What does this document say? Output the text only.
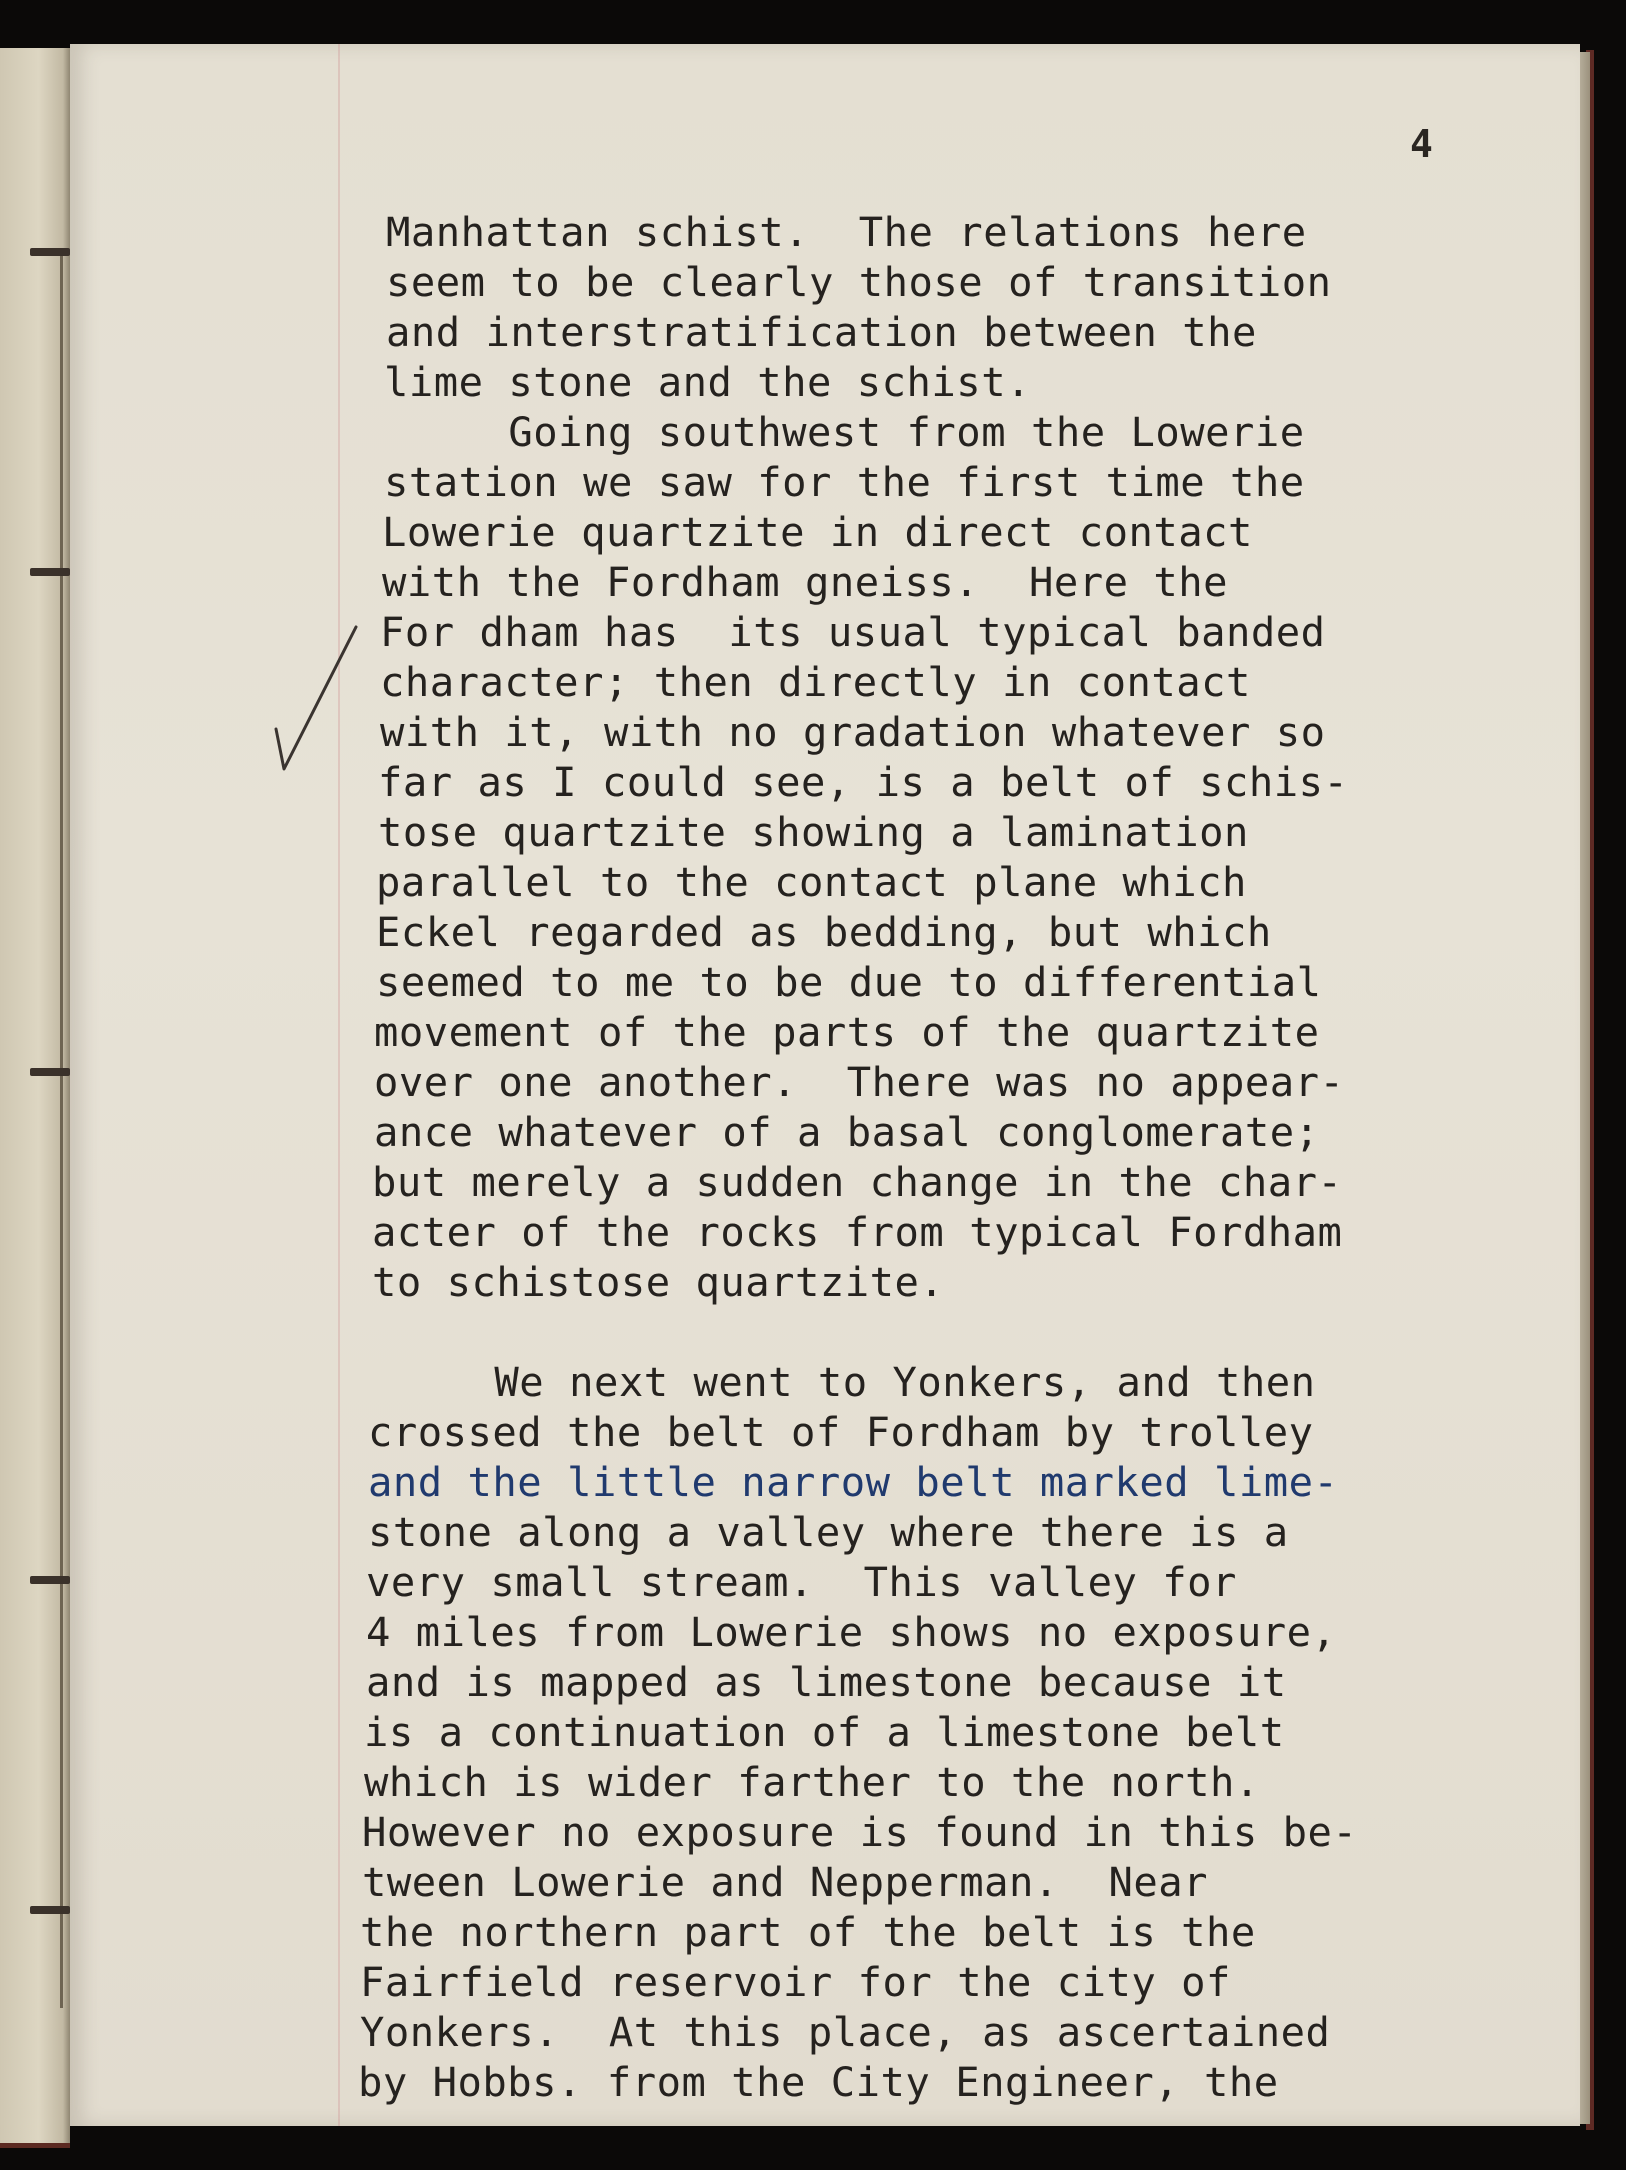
4
Manhattan schist.  The relations here
seem to be clearly those of transition
and interstratification between the
lime stone and the schist.
Going southwest from the Lowerie
station we saw for the first time the
Lowerie quartzite in direct contact
with the Fordham gneiss.  Here the
For dham has  its usual typical banded
character; then directly in contact
with it, with no gradation whatever so
far as I could see, is a belt of schis-
tose quartzite showing a lamination
parallel to the contact plane which
Eckel regarded as bedding, but which
seemed to me to be due to differential
movement of the parts of the quartzite
over one another.  There was no appear-
ance whatever of a basal conglomerate;
but merely a sudden change in the char-
acter of the rocks from typical Fordham
to schistose quartzite.
We next went to Yonkers, and then
crossed the belt of Fordham by trolley
and the little narrow belt marked lime-
stone along a valley where there is a
very small stream.  This valley for
4 miles from Lowerie shows no exposure,
and is mapped as limestone because it
is a continuation of a limestone belt
which is wider farther to the north.
However no exposure is found in this be-
tween Lowerie and Nepperman.  Near
the northern part of the belt is the
Fairfield reservoir for the city of
Yonkers.  At this place, as ascertained
by Hobbs. from the City Engineer, the
